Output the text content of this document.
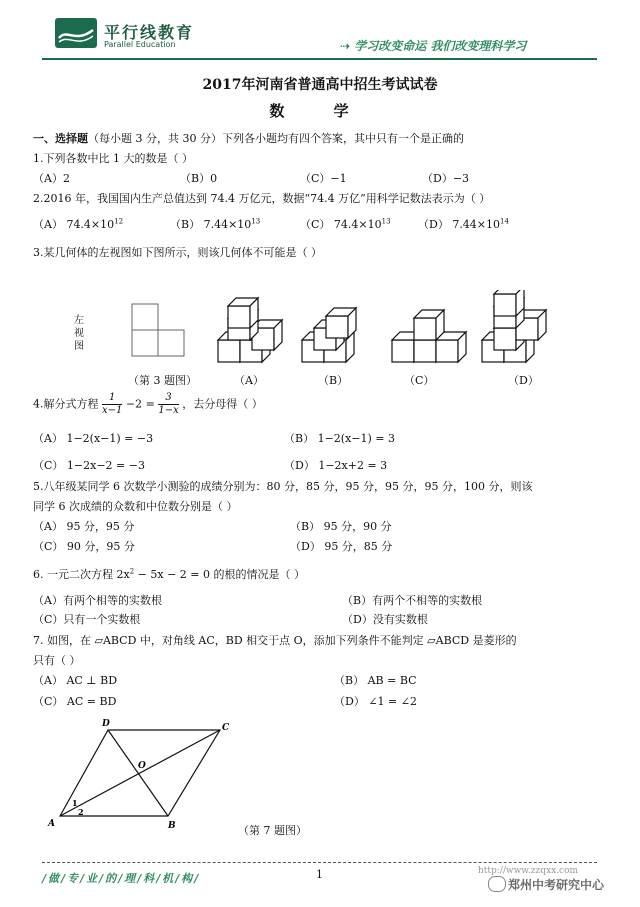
平行线教育
Parallel Education	⇢ 学习改变命运 我们改变理科学习
2017年河南省普通高中招生考试试卷
数 学
一、选择题（每小题 3 分，共 30 分）下列各小题均有四个答案，其中只有一个是正确的
1.下列各数中比 1 大的数是（ ）
（A）2	（B）0	（C）−1	（D）−3
2.2016 年，我国国内生产总值达到 74.4 万亿元，数据“74.4 万亿”用科学记数法表示为（ ）
（A） $74.4\times 10^{12}$	（B） $7.44\times 10^{13}$	（C） $74.4\times 10^{13}$ （D） $7.44\times 10^{14}$
3.某几何体的左视图如下图所示，则该几何体不可能是（ ）
左视图
（第 3 题图）	（A）	（B）	（C）	（D）
4.解分式方程 $\frac{1}{x-1} -2 = \frac{3}{1-x}$ ，去分母得（ ）
（A） 1−2(x−1) = −3	（B） 1−2(x−1) = 3
（C） 1−2x−2 = −3	（D） 1−2x+2 = 3
5.八年级某同学 6 次数学小测验的成绩分别为：80 分，85 分，95 分，95 分，95 分，100 分，则该
同学 6 次成绩的众数和中位数分别是（ ）
（A） 95 分，95 分	（B） 95 分，90 分
（C） 90 分，95 分	（D） 95 分，85 分
6. 一元二次方程 $2x^2 - 5x - 2 = 0$ 的根的情况是（ ）
（A）有两个相等的实数根	（B）有两个不相等的实数根
（C）只有一个实数根	（D）没有实数根
7. 如图，在 ▱ABCD 中，对角线 AC，BD 相交于点 O，添加下列条件不能判定 ▱ABCD 是菱形的
只有（ ）
（A） AC ⊥ BD	（B） AB = BC
（C） AC = BD	（D） ∠1 = ∠2
A	B
C
D
O
1
2
（第 7 题图）
/做/专/业/的/理/科/机/构/	1	http://www.zzqxx.com
郑州中考研究中心
